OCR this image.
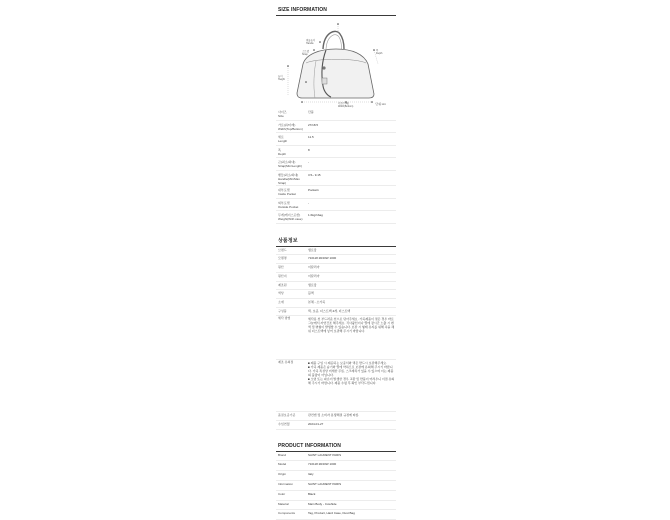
SIZE INFORMATION
핸들높이
Handle
스트랩
Strap
높이
Height
폭
Depth
가로(아래)
Width(Bottom)
단위:cm
사이즈
Size	단품
가로(위/아래)
Width(Top/Bottom)	27/18.5
세로
Length	11.5
폭
Depth	8
끈(최소/최대)
Strap(Min/Length)	-
핸들(최소/최대)
Handle(Min/Max Strap)	3.5~ 9.15
내부포켓
Inside Pocket	Pocket1
외부포켓
Outside Pocket	-
무게(케이스포함)
Weight(With case)	1.6kg/1bag
상품정보
브랜드	생로랑
모델명	710118 2R20W 1000
원산	이탈리아
원산지	이탈리아
제조원	생로랑
색상	블랙
소재	본체 - 소가죽
구성품	택, 보증, 더스트백 4개, 더스트백
세탁 방법	세탁용 천 부드러운 천으로 닦아주세요. 가죽제품이 젖은 경우 바로 그늘에서 자연건조 해주세요. 직사광선이나 열에 장시간 노출 시 변색 및 변형이 발생할 수 있습니다. 보관 시 형태 유지를 위해 속을 채워 더스트백에 넣어 보관해 주시기 바랍니다.
제조 유의점	■ 제품 구입 시 제공되는 보증서와 택은 반드시 보관해주세요.
■ 가죽 제품은 습기와 열에 약하므로 보관에 유의해 주시기 바랍니다. 가죽 특성상 미세한 주름, 스크래치가 있을 수 있으며 이는 제품의 불량이 아닙니다.
■ 오염 또는 파손이 발생한 경우 교환 및 반품이 어려우니 이점 유의해 주시기 바랍니다. 제품 수령 후 확인 부탁드립니다.
품질보증기준	관련법 및 소비자 분쟁해결 규정에 따름
수입연월	2024-01-27
PRODUCT INFORMATION
Brand	SAINT LAURENT PARIS
Model	710118 2R20W 1000
Origin	Italy
Information	SAINT LAURENT PARIS
Color	Black
Material	Main Body - Cowhide
Components	Tag, Product, Hard Case, Dust Bag
